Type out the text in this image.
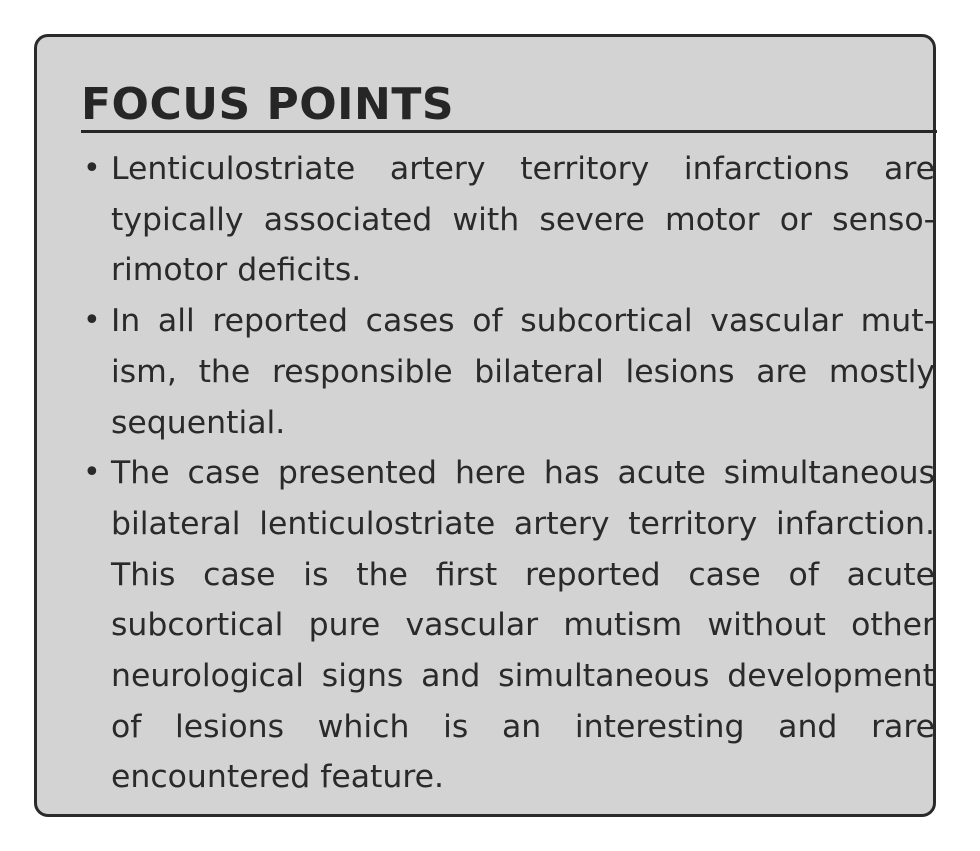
FOCUS POINTS
• Lenticulostriate artery territory infarctions are typically associated with severe motor or sensorimotor deficits.
• In all reported cases of subcortical vascular mutism, the responsible bilateral lesions are mostly sequential.
• The case presented here has acute simultaneous bilateral lenticulostriate artery territory infarction. This case is the first reported case of acute subcortical pure vascular mutism without other neurological signs and simultaneous development of lesions which is an interesting and rare encountered feature.
